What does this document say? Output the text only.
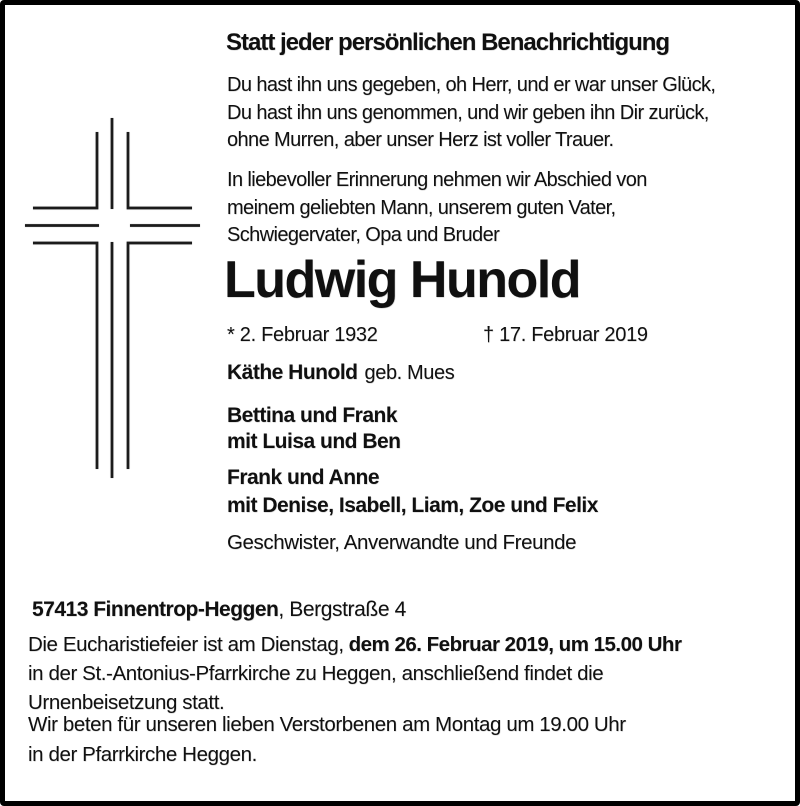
Statt jeder persönlichen Benachrichtigung
Du hast ihn uns gegeben, oh Herr, und er war unser Glück,
Du hast ihn uns genommen, und wir geben ihn Dir zurück,
ohne Murren, aber unser Herz ist voller Trauer.
In liebevoller Erinnerung nehmen wir Abschied von
meinem geliebten Mann, unserem guten Vater,
Schwiegervater, Opa und Bruder
Ludwig Hunold
* 2. Februar 1932	† 17. Februar 2019
Käthe Hunold geb. Mues
Bettina und Frank
mit Luisa und Ben
Frank und Anne
mit Denise, Isabell, Liam, Zoe und Felix
Geschwister, Anverwandte und Freunde
57413 Finnentrop-Heggen, Bergstraße 4
Die Eucharistiefeier ist am Dienstag, dem 26. Februar 2019, um 15.00 Uhr
in der St.-Antonius-Pfarrkirche zu Heggen, anschließend findet die
Urnenbeisetzung statt.
Wir beten für unseren lieben Verstorbenen am Montag um 19.00 Uhr
in der Pfarrkirche Heggen.
